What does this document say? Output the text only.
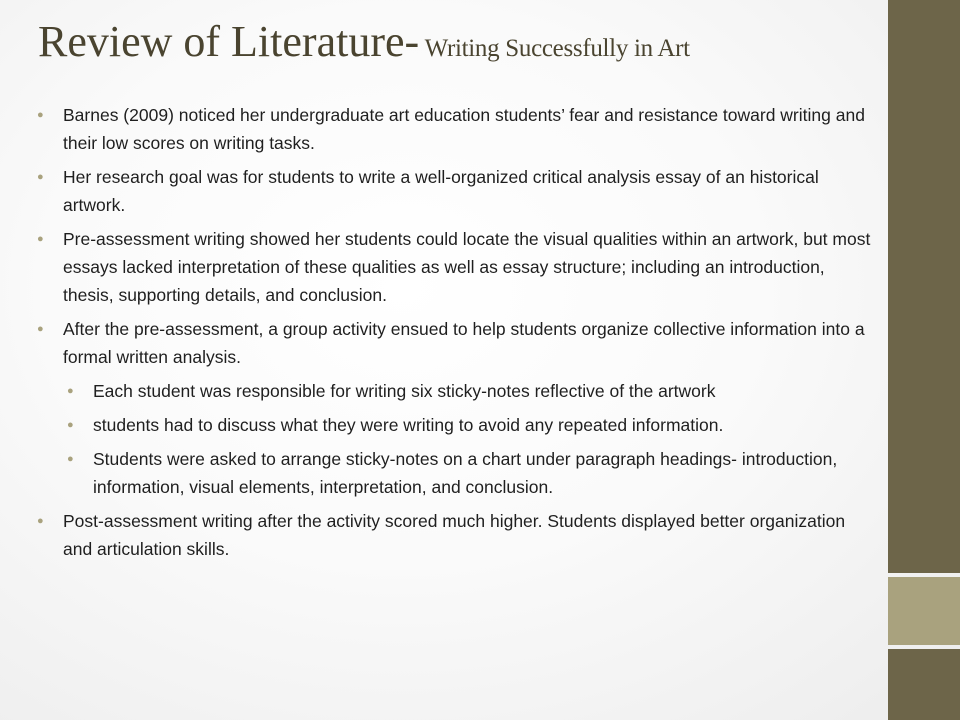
Review of Literature- Writing Successfully in Art
● Barnes (2009) noticed her undergraduate art education students’ fear and resistance toward writing and their low scores on writing tasks.
● Her research goal was for students to write a well-organized critical analysis essay of an historical artwork.
● Pre-assessment writing showed her students could locate the visual qualities within an artwork, but most essays lacked interpretation of these qualities as well as essay structure; including an introduction, thesis, supporting details, and conclusion.
● After the pre-assessment, a group activity ensued to help students organize collective information into a formal written analysis.
● Each student was responsible for writing six sticky-notes reflective of the artwork
● students had to discuss what they were writing to avoid any repeated information.
● Students were asked to arrange sticky-notes on a chart under paragraph headings- introduction, information, visual elements, interpretation, and conclusion.
● Post-assessment writing after the activity scored much higher. Students displayed better organization and articulation skills.
